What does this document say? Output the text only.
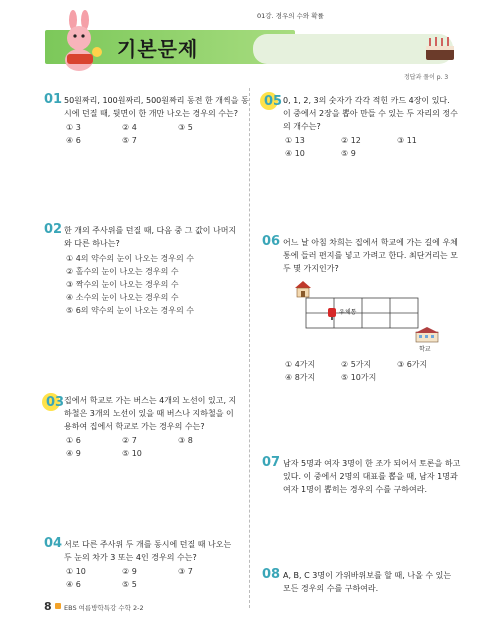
기본문제
01강. 경우의 수와 확률
정답과 풀이 p. 3
01 50원짜리, 100원짜리, 500원짜리 동전 한 개씩을 동
시에 던질 때, 뒷면이 한 개만 나오는 경우의 수는?
① 3	② 4	③ 5
④ 6	⑤ 7
02 한 개의 주사위를 던질 때, 다음 중 그 값이 나머지
와 다른 하나는?
① 4의 약수의 눈이 나오는 경우의 수
② 홀수의 눈이 나오는 경우의 수
③ 짝수의 눈이 나오는 경우의 수
④ 소수의 눈이 나오는 경우의 수
⑤ 6의 약수의 눈이 나오는 경우의 수
03 집에서 학교로 가는 버스는 4개의 노선이 있고, 지
하철은 3개의 노선이 있을 때 버스나 지하철을 이
용하여 집에서 학교로 가는 경우의 수는?
① 6	② 7	③ 8
④ 9	⑤ 10
04 서로 다른 주사위 두 개를 동시에 던질 때 나오는
두 눈의 차가 3 또는 4인 경우의 수는?
① 10	② 9	③ 7
④ 6	⑤ 5
05 0, 1, 2, 3의 숫자가 각각 적힌 카드 4장이 있다.
이 중에서 2장을 뽑아 만들 수 있는 두 자리의 정수
의 개수는?
① 13	② 12	③ 11
④ 10	⑤ 9
06 어느 날 아침 차희는 집에서 학교에 가는 길에 우체
통에 들러 편지를 넣고 가려고 한다. 최단거리는 모
두 몇 가지인가?
우체통
학교
① 4가지	② 5가지	③ 6가지
④ 8가지	⑤ 10가지
07 남자 5명과 여자 3명이 한 조가 되어서 토론을 하고
있다. 이 중에서 2명의 대표를 뽑을 때, 남자 1명과
여자 1명이 뽑히는 경우의 수를 구하여라.
08 A, B, C 3명이 가위바위보를 할 때, 나올 수 있는
모든 경우의 수를 구하여라.
8 EBS 여름방학특강 수학 2-2
